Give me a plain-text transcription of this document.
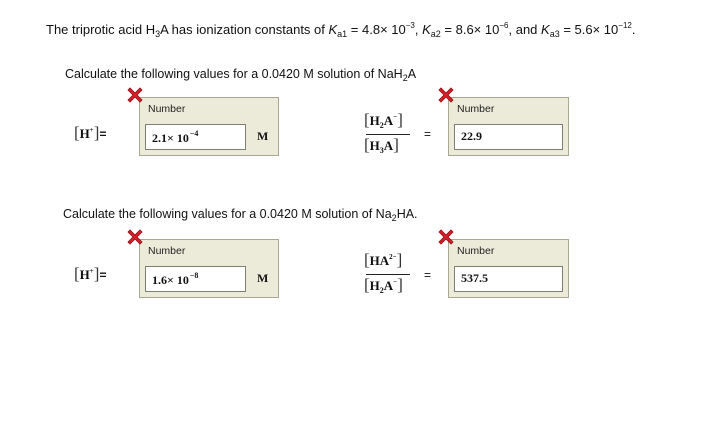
The triprotic acid $H_3A$ has ionization constants of $K_{a1} = 4.8\times 10^{-3}$, $K_{a2} = 8.6\times 10^{-6}$, and $K_{a3} = 5.6\times 10^{-12}$.
Calculate the following values for a 0.0420 M solution of NaH$_2$A
[H+]=
Number
$2.1\times 10^{-4}$	M
$[H_2A^-]$
$[H_3A]$
=
Number
22.9
Calculate the following values for a 0.0420 M solution of $Na_2HA$.
[H+]=
Number
$1.6\times 10^{-8}$	M
$[HA^{2-}]$
$[H_2A^-]$ =
Number
537.5
